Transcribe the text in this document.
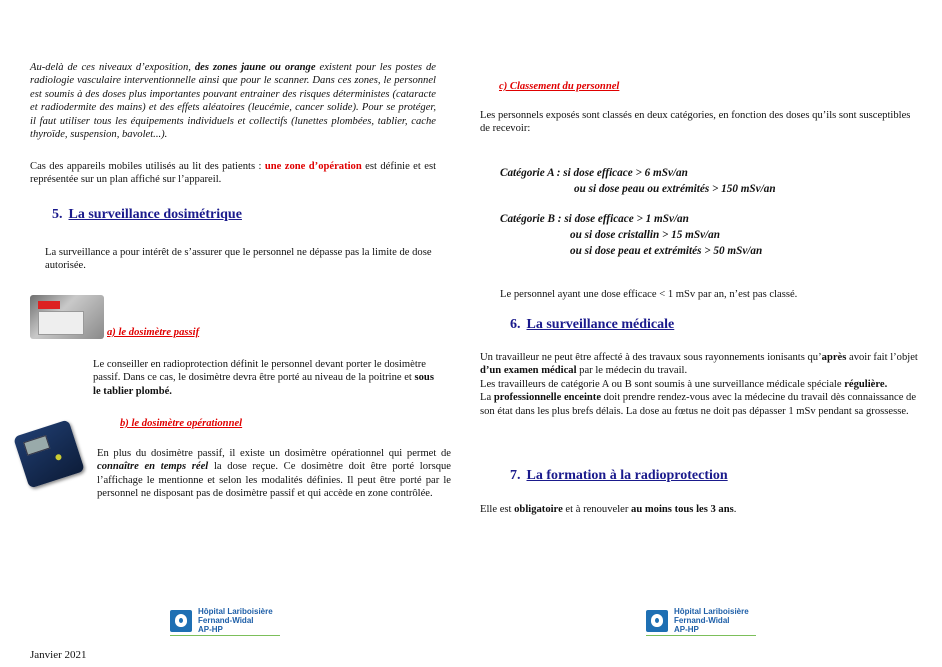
Au-delà de ces niveaux d’exposition, des zones jaune ou orange existent pour les postes de radiologie vasculaire interventionnelle ainsi que pour le scanner. Dans ces zones, le personnel est soumis à des doses plus importantes pouvant entrainer des risques déterministes (cataracte et radiodermite des mains) et des effets aléatoires (leucémie, cancer solide). Pour se protéger, il faut utiliser tous les équipements individuels et collectifs (lunettes plombées, tablier, cache thyroïde, suspension, bavolet...).
Cas des appareils mobiles utilisés au lit des patients : une zone d’opération est définie et est représentée sur un plan affiché sur l’appareil.
5. La surveillance dosimétrique
La surveillance a pour intérêt de s’assurer que le personnel ne dépasse pas la limite de dose autorisée.
a) le dosimètre passif
Le conseiller en radioprotection définit le personnel devant porter le dosimètre passif. Dans ce cas, le dosimètre devra être porté au niveau de la poitrine et sous le tablier plombé.
b) le dosimètre opérationnel
En plus du dosimètre passif, il existe un dosimètre opérationnel qui permet de connaître en temps réel la dose reçue. Ce dosimètre doit être porté lorsque l’affichage le mentionne et selon les modalités définies. Il peut être porté par le personnel ne disposant pas de dosimètre passif et qui accède en zone contrôlée.
Hôpital Lariboisière
Fernand-Widal
AP-HP
Janvier 2021
c) Classement du personnel
Les personnels exposés sont classés en deux catégories, en fonction des doses qu’ils sont susceptibles de recevoir:
Catégorie A : si dose efficace > 6 mSv/an
ou si dose peau ou extrémités > 150 mSv/an
Catégorie B : si dose efficace > 1 mSv/an
ou si dose cristallin > 15 mSv/an
ou si dose peau et extrémités > 50 mSv/an
Le personnel ayant une dose efficace < 1 mSv par an, n’est pas classé.
6. La surveillance médicale

Un travailleur ne peut être affecté à des travaux sous rayonnements ionisants qu’après avoir fait l’objet d’un examen médical par le médecin du travail.

Les travailleurs de catégorie A ou B sont soumis à une surveillance médicale spéciale régulière.

La professionnelle enceinte doit prendre rendez-vous avec la médecine du travail dès connaissance de son état dans les plus brefs délais. La dose au fœtus ne doit pas dépasser 1 mSv pendant sa grossesse.

7. La formation à la radioprotection
Elle est obligatoire et à renouveler au moins tous les 3 ans.
Hôpital Lariboisière
Fernand-Widal
AP-HP
